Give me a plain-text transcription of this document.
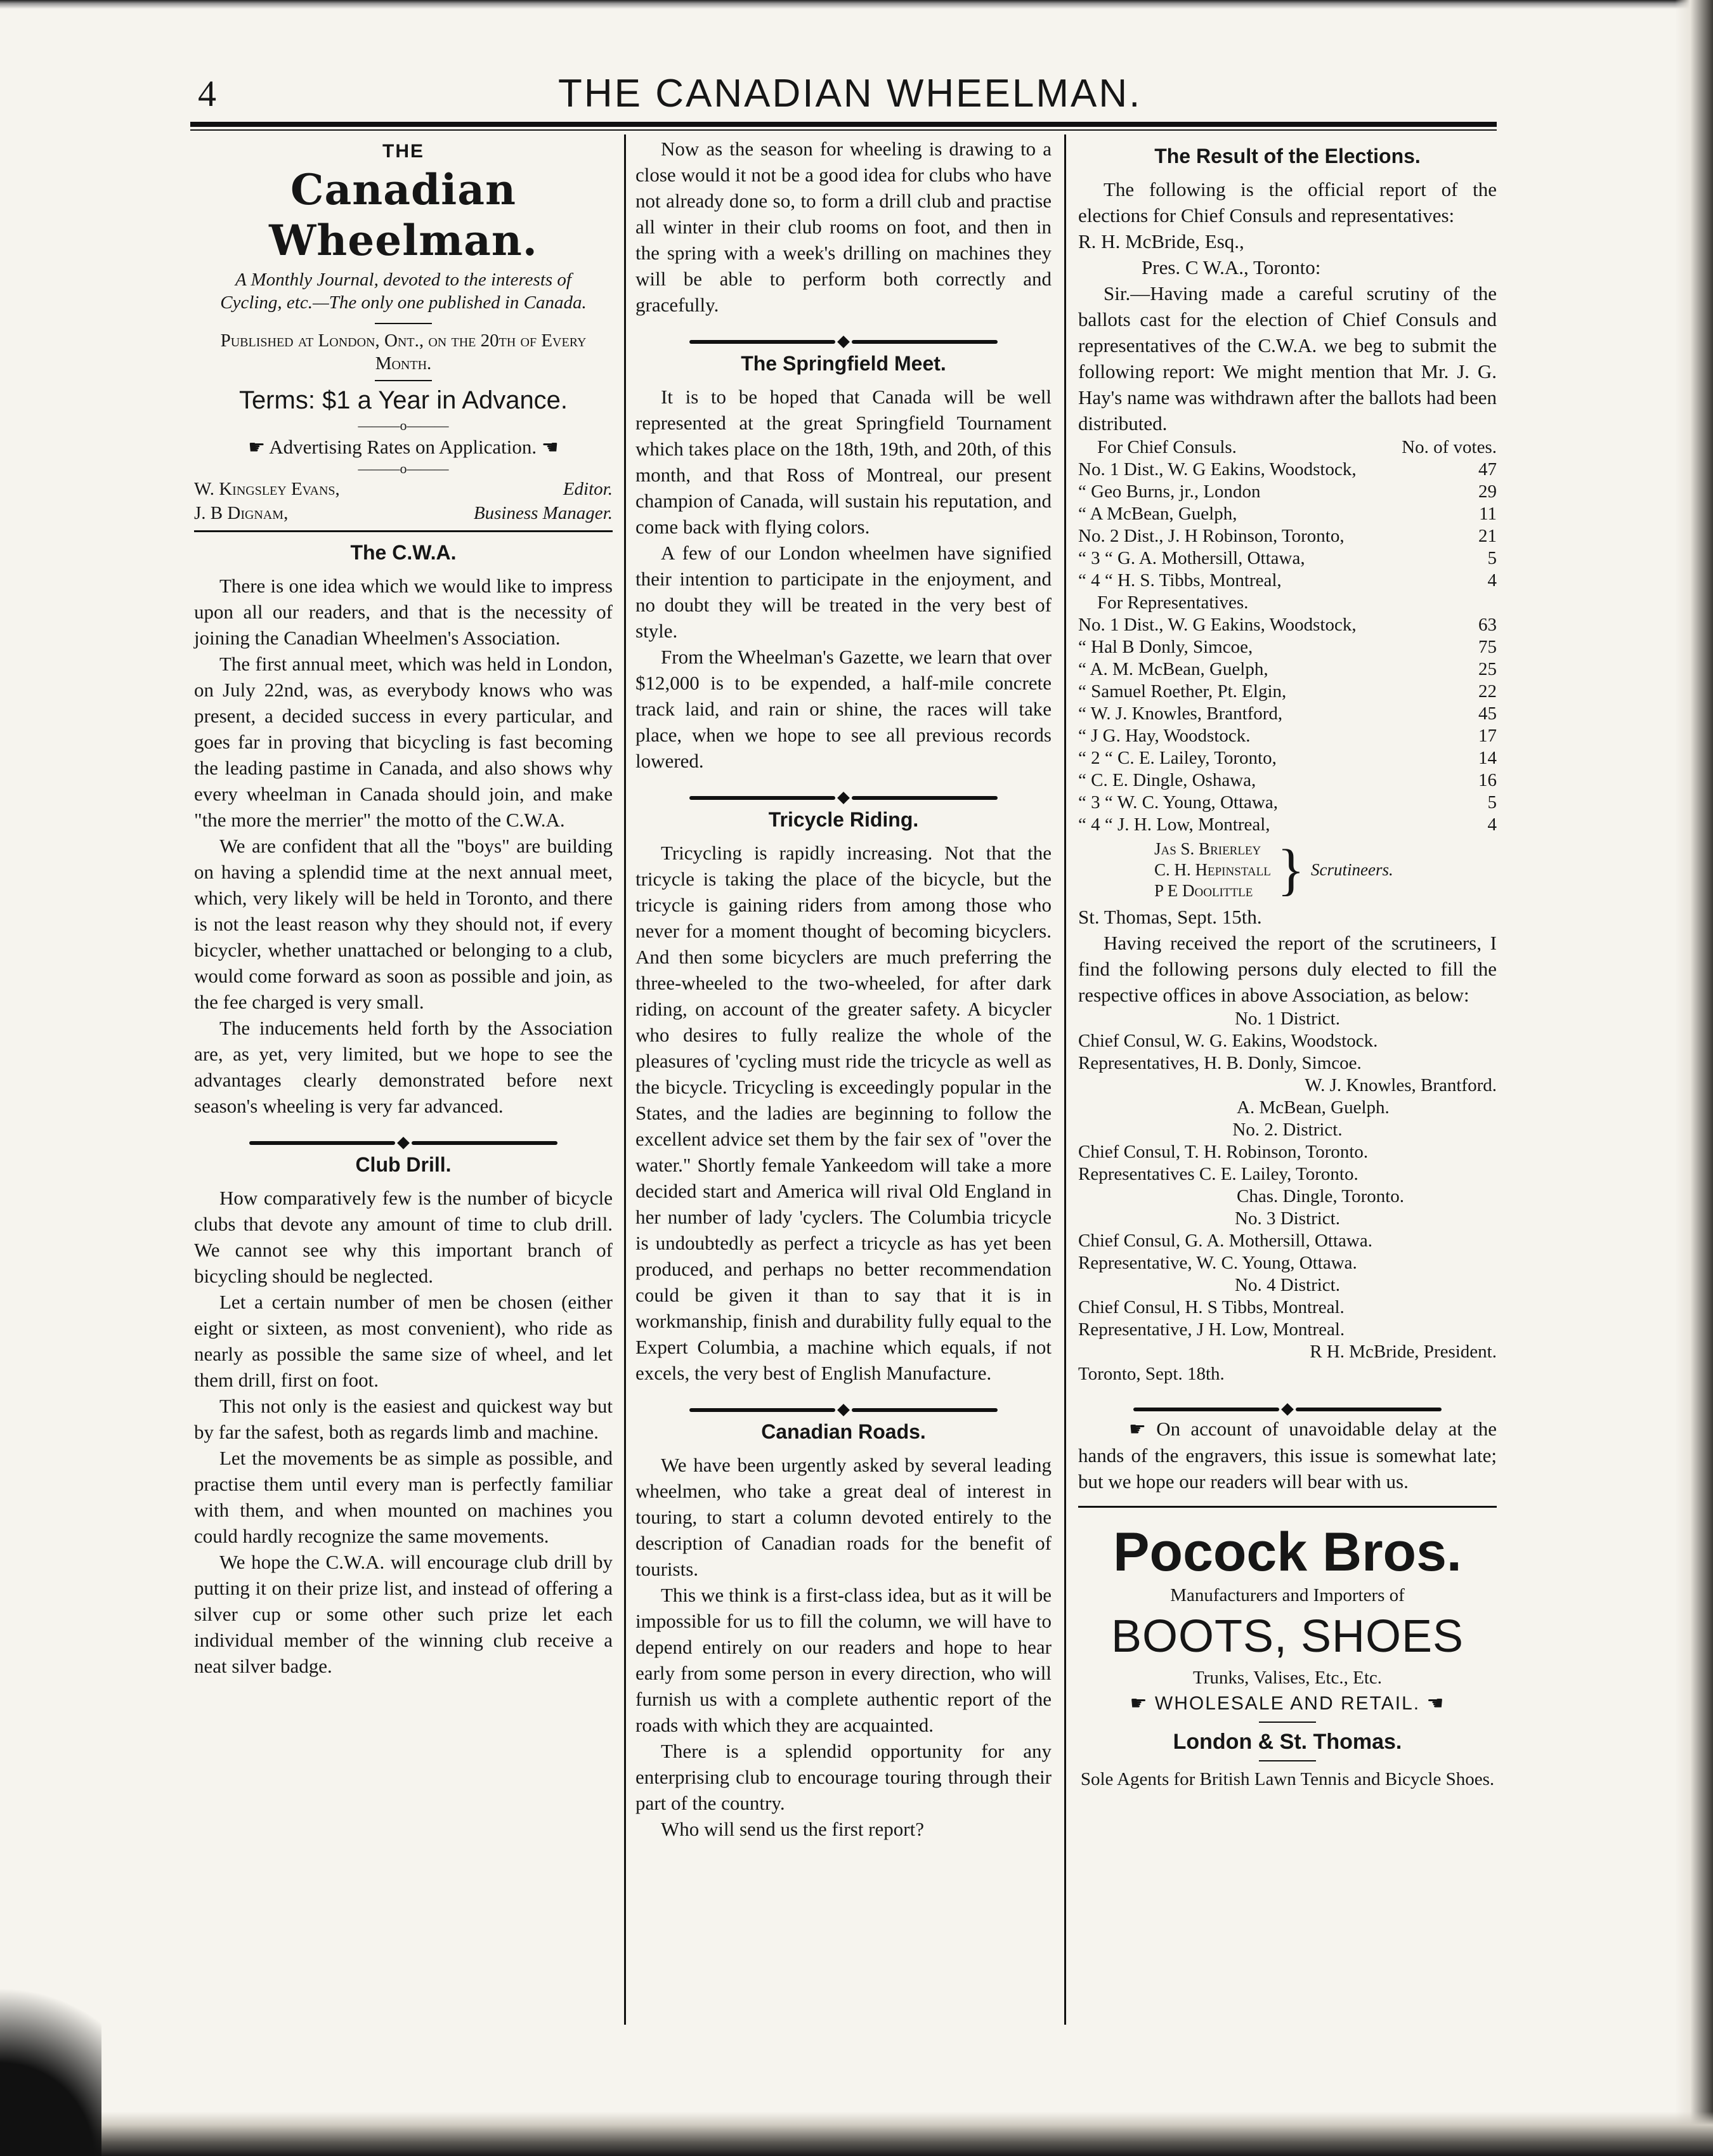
4	THE CANADIAN WHEELMAN.
THE
Canadian Wheelman.
A Monthly Journal, devoted to the interests of Cycling, etc.—The only one published in Canada.
Published at London, Ont., on the 20th of Every Month.
Terms: $1 a Year in Advance.
———o———
☛ Advertising Rates on Application. ☚
———o———
W. Kingsley Evans,	Editor.
J. B Dignam,	Business Manager.
The C.W.A.

There is one idea which we would like to impress upon all our readers, and that is the necessity of joining the Canadian Wheelmen's Association.

The first annual meet, which was held in London, on July 22nd, was, as everybody knows who was present, a decided success in every particular, and goes far in proving that bicycling is fast becoming the leading pastime in Canada, and also shows why every wheelman in Canada should join, and make "the more the merrier" the motto of the C.W.A.

We are confident that all the "boys" are building on having a splendid time at the next annual meet, which, very likely will be held in Toronto, and there is not the least reason why they should not, if every bicycler, whether unattached or belonging to a club, would come forward as soon as possible and join, as the fee charged is very small.

The inducements held forth by the Association are, as yet, very limited, but we hope to see the advantages clearly demonstrated before next season's wheeling is very far advanced.

Club Drill.

How comparatively few is the number of bicycle clubs that devote any amount of time to club drill. We cannot see why this important branch of bicycling should be neglected.

Let a certain number of men be chosen (either eight or sixteen, as most convenient), who ride as nearly as possible the same size of wheel, and let them drill, first on foot.

This not only is the easiest and quickest way but by far the safest, both as regards limb and machine.

Let the movements be as simple as possible, and practise them until every man is perfectly familiar with them, and when mounted on machines you could hardly recognize the same movements.

We hope the C.W.A. will encourage club drill by putting it on their prize list, and instead of offering a silver cup or some other such prize let each individual member of the winning club receive a neat silver badge.

Now as the season for wheeling is drawing to a close would it not be a good idea for clubs who have not already done so, to form a drill club and practise all winter in their club rooms on foot, and then in the spring with a week's drilling on machines they will be able to perform both correctly and gracefully.

The Springfield Meet.

It is to be hoped that Canada will be well represented at the great Springfield Tournament which takes place on the 18th, 19th, and 20th, of this month, and that Ross of Montreal, our present champion of Canada, will sustain his reputation, and come back with flying colors.

A few of our London wheelmen have signified their intention to participate in the enjoyment, and no doubt they will be treated in the very best of style.

From the Wheelman's Gazette, we learn that over $12,000 is to be expended, a half-mile concrete track laid, and rain or shine, the races will take place, when we hope to see all previous records lowered.

Tricycle Riding.

Tricycling is rapidly increasing. Not that the tricycle is taking the place of the bicycle, but the tricycle is gaining riders from among those who never for a moment thought of becoming bicyclers. And then some bicyclers are much preferring the three-wheeled to the two-wheeled, for after dark riding, on account of the greater safety. A bicycler who desires to fully realize the whole of the pleasures of 'cycling must ride the tricycle as well as the bicycle. Tricycling is exceedingly popular in the States, and the ladies are beginning to follow the excellent advice set them by the fair sex of "over the water." Shortly female Yankeedom will take a more decided start and America will rival Old England in her number of lady 'cyclers. The Columbia tricycle is undoubtedly as perfect a tricycle as has yet been produced, and perhaps no better recommendation could be given it than to say that it is in workmanship, finish and durability fully equal to the Expert Columbia, a machine which equals, if not excels, the very best of English Manufacture.

Canadian Roads.

We have been urgently asked by several leading wheelmen, who take a great deal of interest in touring, to start a column devoted entirely to the description of Canadian roads for the benefit of tourists.

This we think is a first-class idea, but as it will be impossible for us to fill the column, we will have to depend entirely on our readers and hope to hear early from some person in every direction, who will furnish us with a complete authentic report of the roads with which they are acquainted.

There is a splendid opportunity for any enterprising club to encourage touring through their part of the country.

Who will send us the first report?

The Result of the Elections.

The following is the official report of the elections for Chief Consuls and representatives:

R. H. McBride, Esq.,

Pres. C W.A., Toronto:

Sir.—Having made a careful scrutiny of the ballots cast for the election of Chief Consuls and representatives of the C.W.A. we beg to submit the following report: We might mention that Mr. J. G. Hay's name was withdrawn after the ballots had been distributed.

For Chief Consuls.	No. of votes.
No. 1 Dist., W. G Eakins, Woodstock,	47
“ Geo Burns, jr., London	29
“ A McBean, Guelph,	11
No. 2 Dist., J. H Robinson, Toronto,	21
“ 3 “ G. A. Mothersill, Ottawa,	5
“ 4 “ H. S. Tibbs, Montreal,	4
For Representatives.
No. 1 Dist., W. G Eakins, Woodstock,	63
“ Hal B Donly, Simcoe,	75
“ A. M. McBean, Guelph,	25
“ Samuel Roether, Pt. Elgin,	22
“ W. J. Knowles, Brantford,	45
“ J G. Hay, Woodstock.	17
“ 2 “ C. E. Lailey, Toronto,	14
“ C. E. Dingle, Oshawa,	16
“ 3 “ W. C. Young, Ottawa,	5
“ 4 “ J. H. Low, Montreal,	4
Jas S. Brierley
C. H. Hepinstall
P E Doolittle } Scrutineers.

St. Thomas, Sept. 15th.

Having received the report of the scrutineers, I find the following persons duly elected to fill the respective offices in above Association, as below:

No. 1 District.
Chief Consul, W. G. Eakins, Woodstock.
Representatives, H. B. Donly, Simcoe.
W. J. Knowles, Brantford.
A. McBean, Guelph.
No. 2. District.
Chief Consul, T. H. Robinson, Toronto.
Representatives C. E. Lailey, Toronto.
Chas. Dingle, Toronto.
No. 3 District.
Chief Consul, G. A. Mothersill, Ottawa.
Representative, W. C. Young, Ottawa.
No. 4 District.
Chief Consul, H. S Tibbs, Montreal.
Representative, J H. Low, Montreal.
R H. McBride, President.
Toronto, Sept. 18th.

☛ On account of unavoidable delay at the hands of the engravers, this issue is somewhat late; but we hope our readers will bear with us.

Pocock Bros.
Manufacturers and Importers of
BOOTS, SHOES
Trunks, Valises, Etc., Etc.
☛ WHOLESALE AND RETAIL. ☚
London & St. Thomas.
Sole Agents for British Lawn Tennis and Bicycle Shoes.
